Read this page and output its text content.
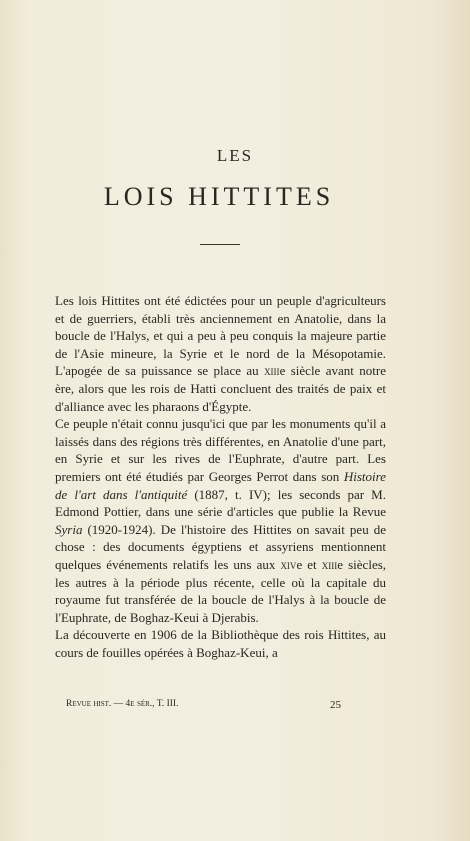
LES
LOIS HITTITES

Les lois Hittites ont été édictées pour un peuple d'agriculteurs et de guerriers, établi très anciennement en Anatolie, dans la boucle de l'Halys, et qui a peu à peu conquis la majeure partie de l'Asie mineure, la Syrie et le nord de la Mésopotamie. L'apogée de sa puissance se place au xiiie siècle avant notre ère, alors que les rois de Hatti concluent des traités de paix et d'alliance avec les pharaons d'Égypte.

Ce peuple n'était connu jusqu'ici que par les monuments qu'il a laissés dans des régions très différentes, en Anatolie d'une part, en Syrie et sur les rives de l'Euphrate, d'autre part. Les premiers ont été étudiés par Georges Perrot dans son Histoire de l'art dans l'antiquité (1887, t. IV); les seconds par M. Edmond Pottier, dans une série d'articles que publie la Revue Syria (1920-1924). De l'histoire des Hittites on savait peu de chose : des documents égyptiens et assyriens mentionnent quelques événements relatifs les uns aux xive et xiiie siècles, les autres à la période plus récente, celle où la capitale du royaume fut transférée de la boucle de l'Halys à la boucle de l'Euphrate, de Boghaz-Keui à Djerabis.

La découverte en 1906 de la Bibliothèque des rois Hittites, au cours de fouilles opérées à Boghaz-Keui, a

Revue hist. — 4e sér., T. III.	25
